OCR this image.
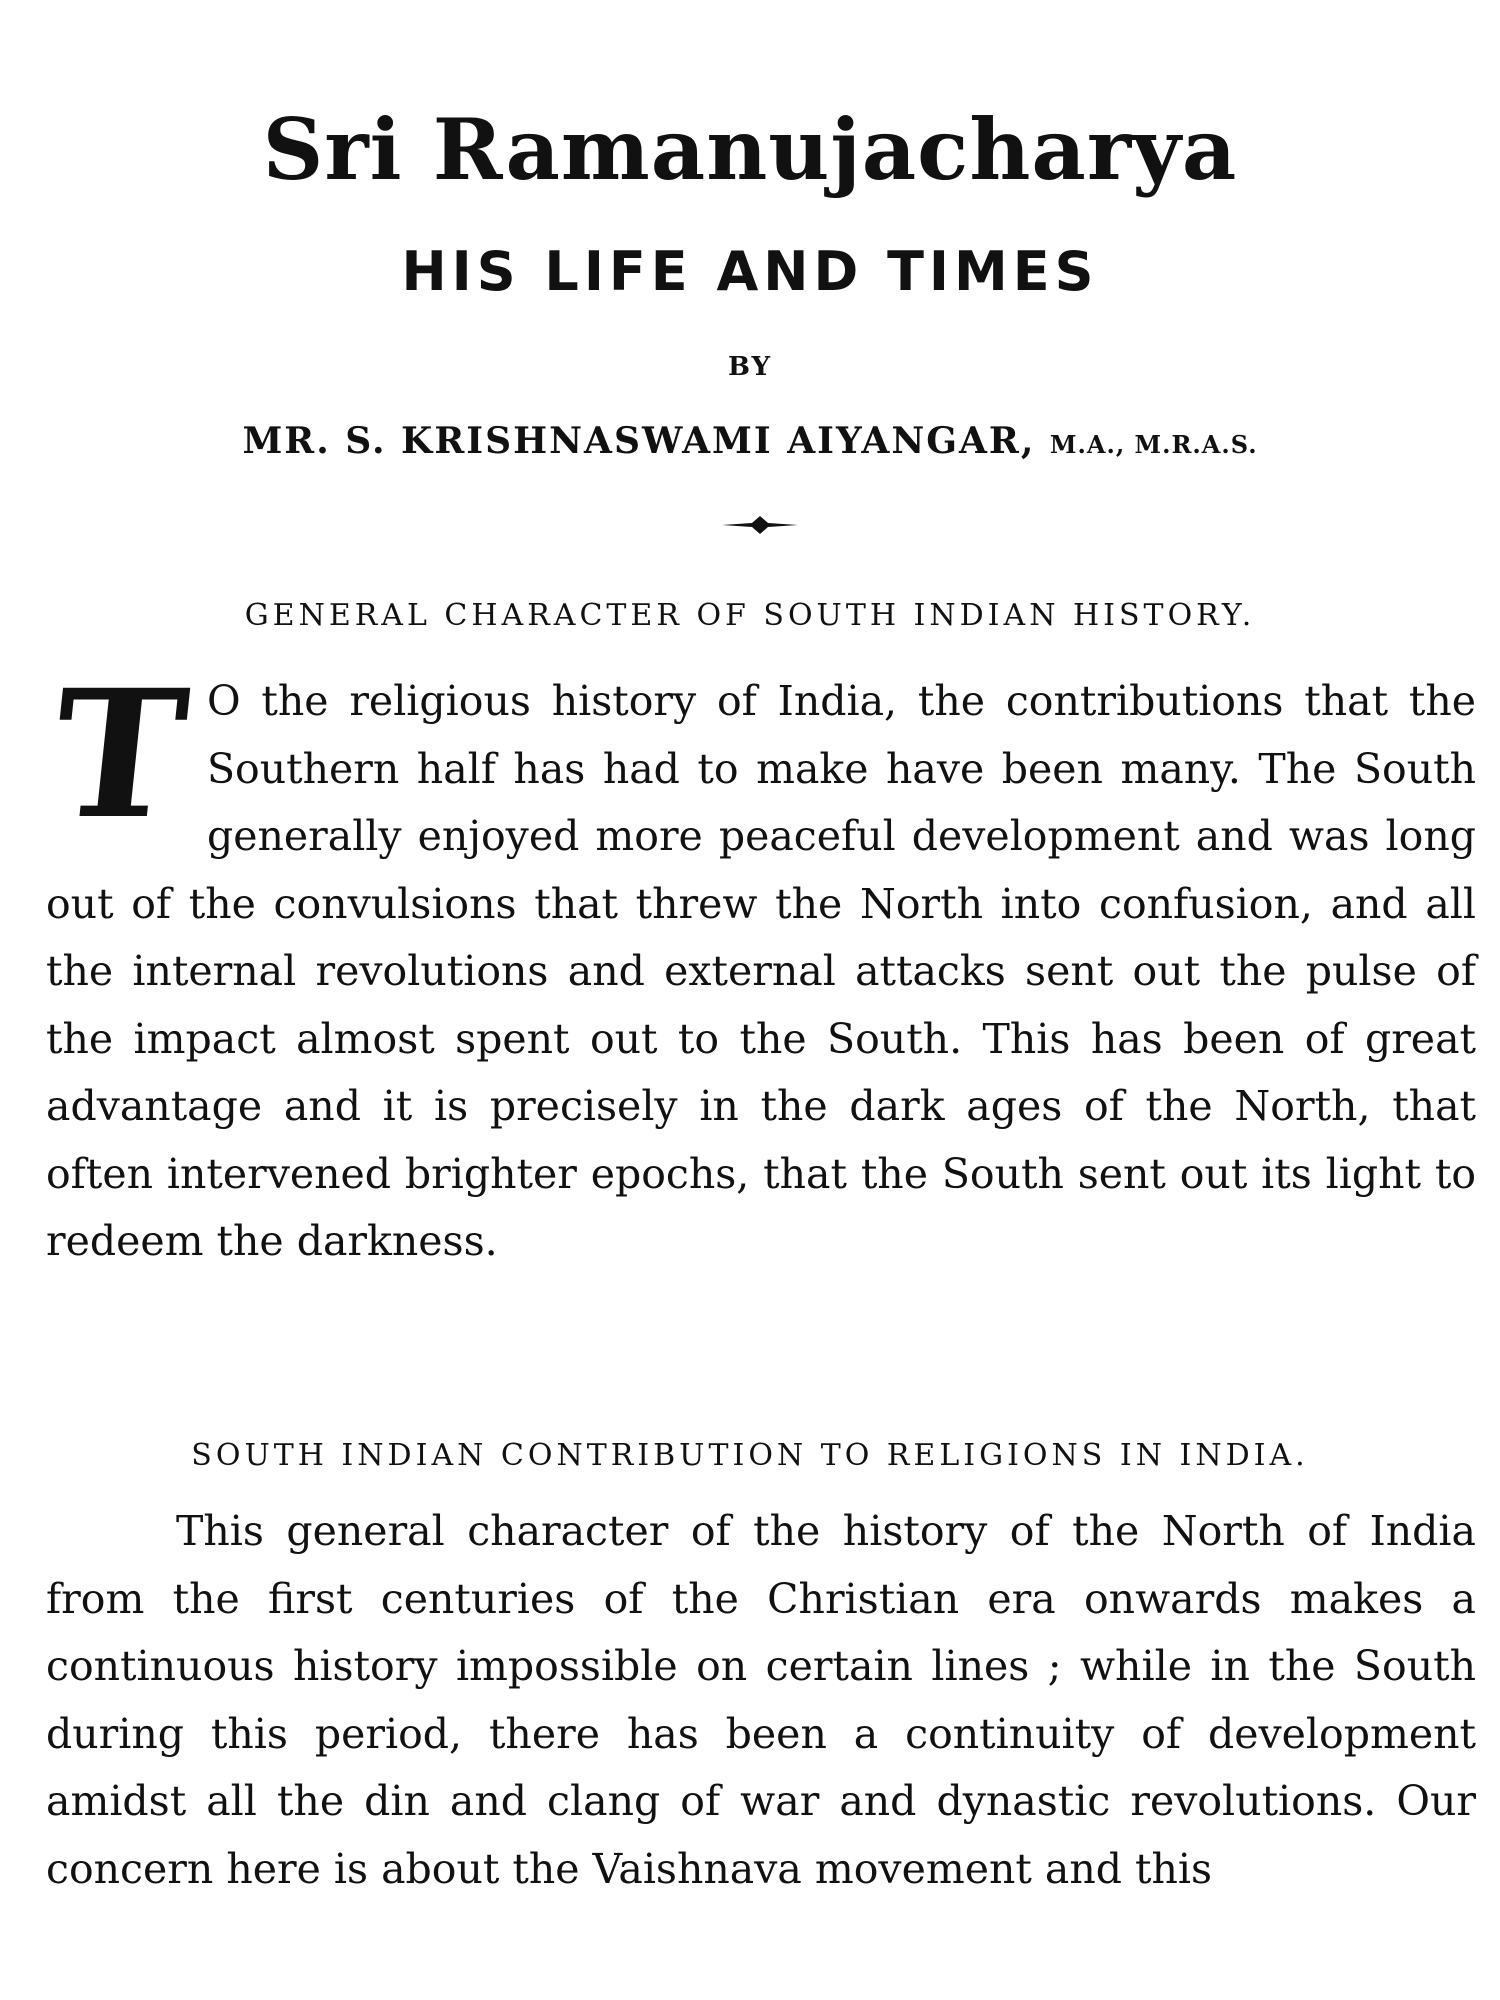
Sri Ramanujacharya
HIS LIFE AND TIMES
BY
MR. S. KRISHNASWAMI AIYANGAR, M.A., M.R.A.S.
GENERAL CHARACTER OF SOUTH INDIAN HISTORY.

T O the religious history of India, the contributions that the Southern half has had to make have been many. The South generally enjoyed more peaceful development and was long out of the convulsions that threw the North into confusion, and all the internal revolutions and external attacks sent out the pulse of the impact almost spent out to the South. This has been of great advantage and it is precisely in the dark ages of the North, that often intervened brighter epochs, that the South sent out its light to redeem the darkness.

SOUTH INDIAN CONTRIBUTION TO RELIGIONS IN INDIA.

This general character of the history of the North of India from the first centuries of the Christian era onwards makes a continuous history impossible on certain lines ; while in the South during this period, there has been a continuity of development amidst all the din and clang of war and dynastic revolutions. Our concern here is about the Vaishnava movement and this
